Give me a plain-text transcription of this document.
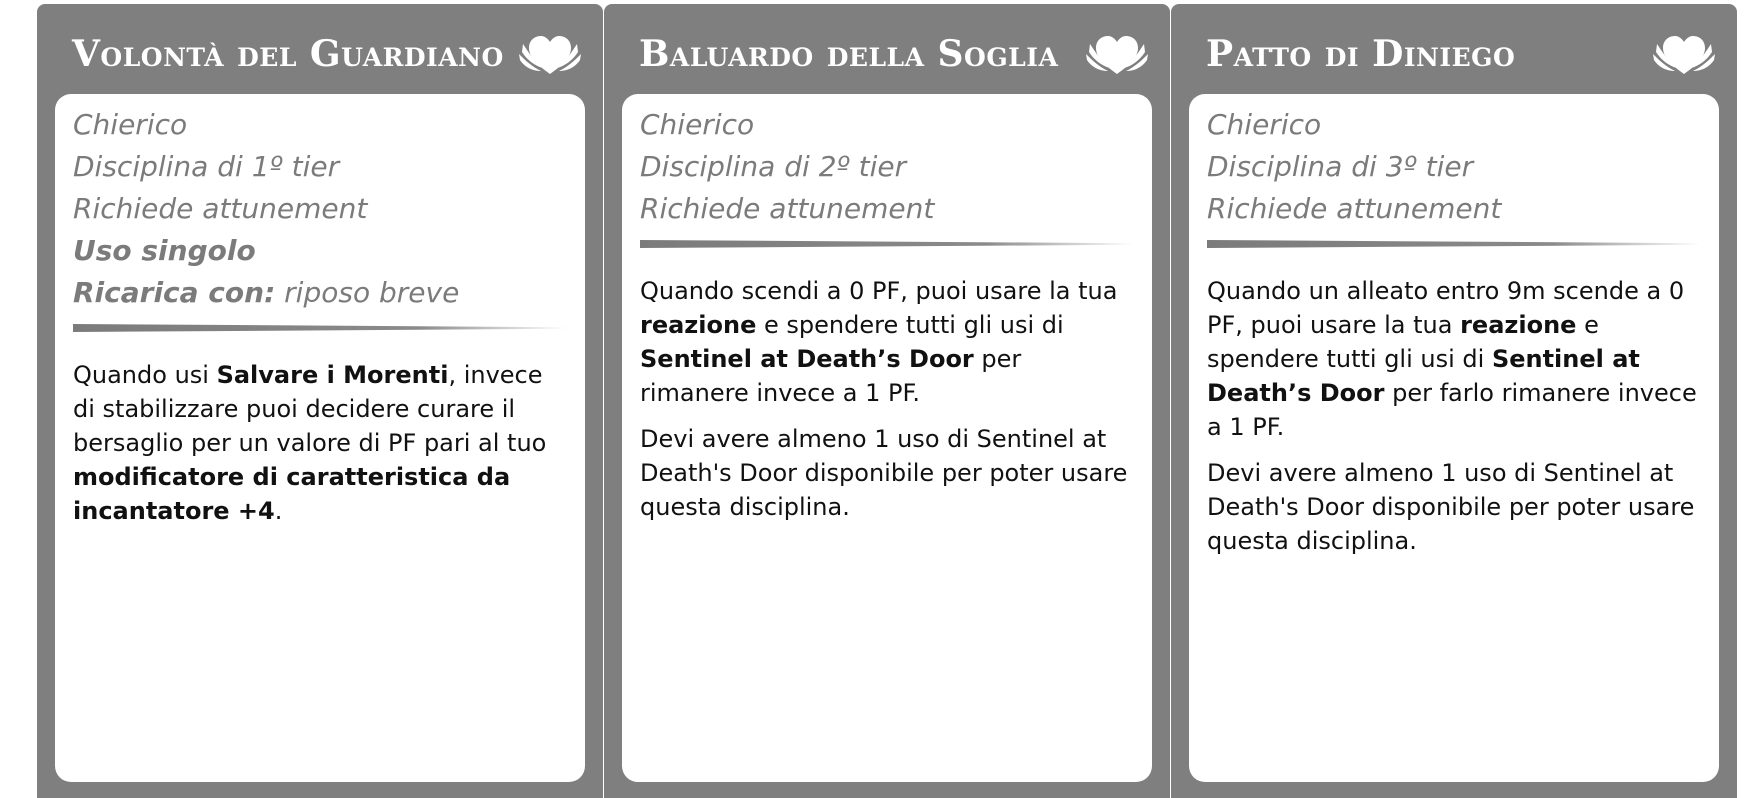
Volontà del Guardiano

Chierico

Disciplina di 1º tier

Richiede attunement

Uso singolo

Ricarica con: riposo breve

Quando usi Salvare i Morenti, invece di stabilizzare puoi decidere curare il bersaglio per un valore di PF pari al tuo modificatore di caratteristica da incantatore +4.

Baluardo della Soglia

Chierico

Disciplina di 2º tier

Richiede attunement

Quando scendi a 0 PF, puoi usare la tua reazione e spendere tutti gli usi di Sentinel at Death’s Door per rimanere invece a 1 PF.

Devi avere almeno 1 uso di Sentinel at Death's Door disponibile per poter usare questa disciplina.

Patto di Diniego

Chierico

Disciplina di 3º tier

Richiede attunement

Quando un alleato entro 9m scende a 0 PF, puoi usare la tua reazione e spendere tutti gli usi di Sentinel at Death’s Door per farlo rimanere invece a 1 PF.

Devi avere almeno 1 uso di Sentinel at Death's Door disponibile per poter usare questa disciplina.
